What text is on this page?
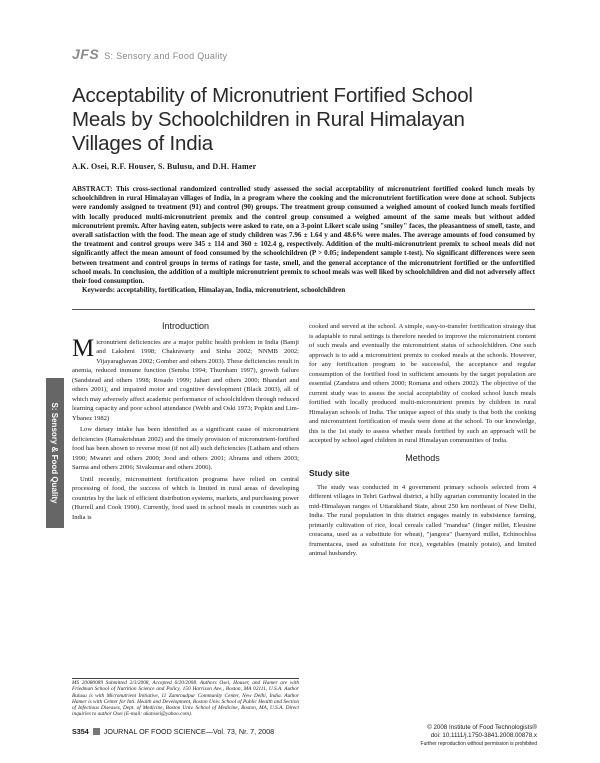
JFS S: Sensory and Food Quality
Acceptability of Micronutrient Fortified School Meals by Schoolchildren in Rural Himalayan Villages of India
A.K. Osei, R.F. Houser, S. Bulusu, and D.H. Hamer
ABSTRACT: This cross-sectional randomized controlled study assessed the social acceptability of micronutrient fortified cooked lunch meals by schoolchildren in rural Himalayan villages of India, in a program where the cooking and the micronutrient fortification were done at school. Subjects were randomly assigned to treatment (91) and control (90) groups. The treatment group consumed a weighed amount of cooked lunch meals fortified with locally produced multi-micronutrient premix and the control group consumed a weighed amount of the same meals but without added micronutrient premix. After having eaten, subjects were asked to rate, on a 3-point Likert scale using "smiley" faces, the pleasantness of smell, taste, and overall satisfaction with the food. The mean age of study children was 7.96 ± 1.64 y and 48.6% were males. The average amounts of food consumed by the treatment and control groups were 345 ± 114 and 360 ± 102.4 g, respectively. Addition of the multi-micronutrient premix to school meals did not significantly affect the mean amount of food consumed by the schoolchildren (P > 0.05; independent sample t-test). No significant differences were seen between treatment and control groups in terms of ratings for taste, smell, and the general acceptance of the micronutrient fortified or the unfortified school meals. In conclusion, the addition of a multiple micronutrient premix to school meals was well liked by schoolchildren and did not adversely affect their food consumption.
Keywords: acceptability, fortification, Himalayan, India, micronutrient, schoolchildren
S: Sensory & Food Quality
Introduction

Micronutrient deficiencies are a major public health problem in India (Bamji and Lakshmi 1998; Chakravarty and Sinha 2002; NNMB 2002; Vijayaraghavan 2002; Gomber and others 2003). These deficiencies result in anemia, reduced immune function (Semba 1994; Thurnham 1997), growth failure (Sandstead and others 1998; Rosado 1999; Jahari and others 2000; Bhandari and others 2001), and impaired motor and cognitive development (Black 2003), all of which may adversely affect academic performance of schoolchildren through reduced learning capacity and poor school attendance (Webb and Oski 1973; Popkin and Lim-Ybanez 1982)

Low dietary intake has been identified as a significant cause of micronutrient deficiencies (Ramakrishnan 2002) and the timely provision of micronutrient-fortified food has been shown to reverse most (if not all) such deficiencies (Latham and others 1990; Mwanri and others 2000; Jood and others 2001; Abrams and others 2003; Sarma and others 2006; Sivakumar and others 2006).

Until recently, micronutrient fortification programs have relied on central processing of food, the success of which is limited in rural areas of developing countries by the lack of efficient distribution systems, markets, and purchasing power (Hurrell and Cook 1990). Currently, food used in school meals in countries such as India is

cooked and served at the school. A simple, easy-to-transfer fortification strategy that is adaptable to rural settings is therefore needed to improve the micronutrient content of such meals and eventually the micronutrient status of schoolchildren. One such approach is to add a micronutrient premix to cooked meals at the schools. However, for any fortification program to be successful, the acceptance and regular consumption of the fortified food in sufficient amounts by the target population are essential (Zandstra and others 2000; Romana and others 2002). The objective of the current study was to assess the social acceptability of cooked school lunch meals fortified with locally produced multi-micronutrient premix by children in rural Himalayan schools of India. The unique aspect of this study is that both the cooking and micronutrient fortification of meals were done at the school. To our knowledge, this is the 1st study to assess whether meals fortified by such an approach will be accepted by school aged children in rural Himalayan communities of India.

Methods
Study site

The study was conducted in 4 government primary schools selected from 4 different villages in Tehri Garhwal district, a hilly agrarian community located in the mid-Himalayan ranges of Uttarakhand State, about 250 km northeast of New Delhi, India. The rural population in this district engages mainly in subsistence farming, primarily cultivation of rice, local cereals called "mandua" (finger millet, Eleusine coracana, used as a substitute for wheat), "jangora" (barnyard millet, Echinochloa frumentacea, used as substitute for rice), vegetables (mainly potato), and limited animal husbandry.

MS 20080089 Submitted 2/3/2008, Accepted 6/20/2008. Authors Osei, Houser, and Hamer are with Friedman School of Nutrition Science and Policy, 150 Harrison Ave., Boston, MA 02111, U.S.A. Author Bulusu is with Micronutrient Initiative, 11 Zamroudpur Community Center, New Delhi, India. Author Hamer is with Center for Intl. Health and Development, Boston Univ. School of Public Health and Section of Infectious Diseases, Dept. of Medicine, Boston Univ. School of Medicine, Boston, MA, U.S.A. Direct inquiries to author Osei (E-mail: akotosei@yahoo.com).
S354 JOURNAL OF FOOD SCIENCE—Vol. 73, Nr. 7, 2008	© 2008 Institute of Food Technologists®
doi: 10.1111/j.1750-3841.2008.00878.x
Further reproduction without permission is prohibited
